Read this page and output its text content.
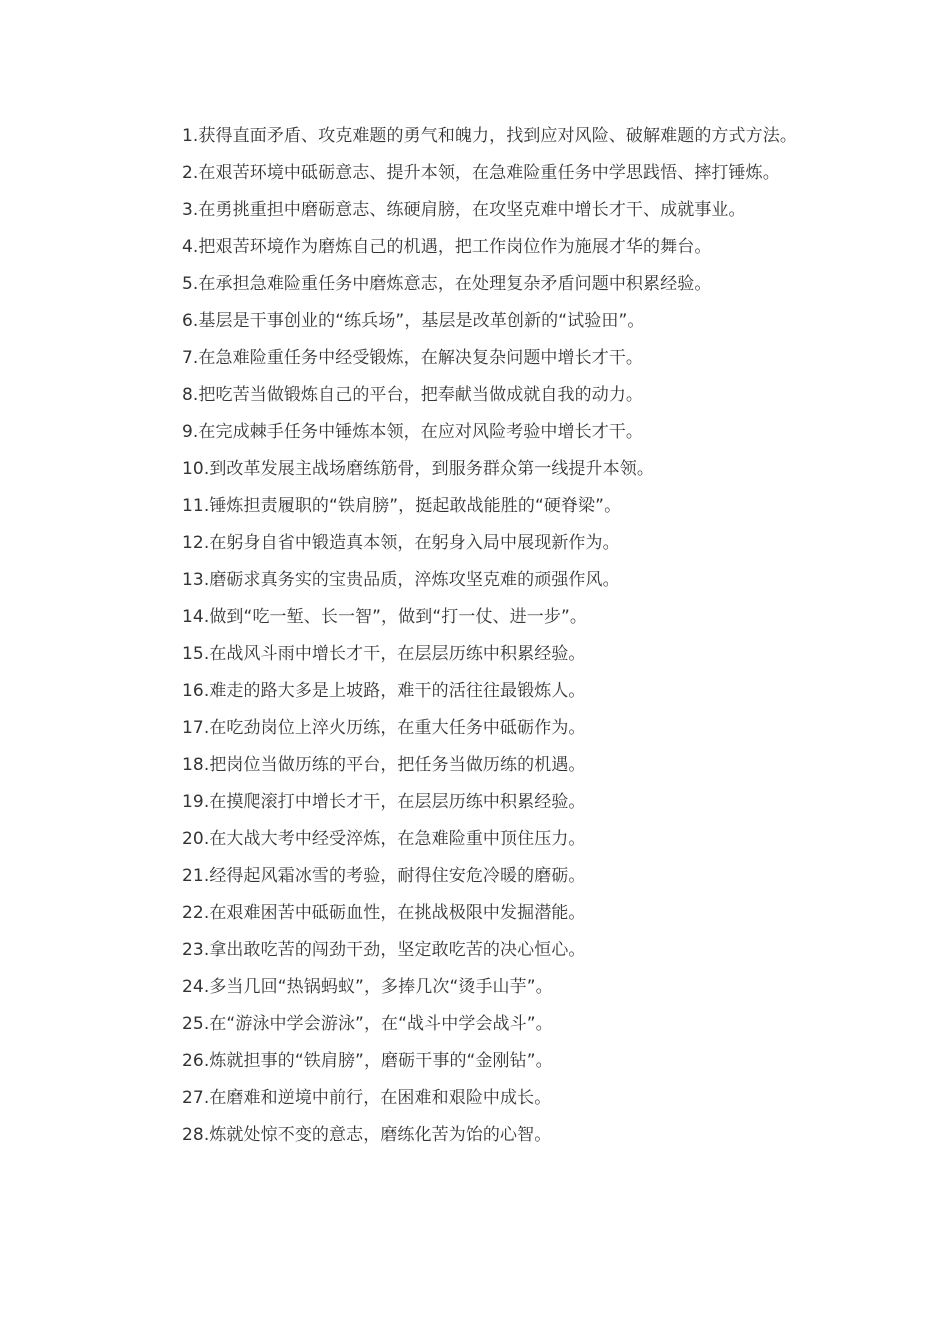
1.获得直面矛盾、攻克难题的勇气和魄力，找到应对风险、破解难题的方式方法。

2.在艰苦环境中砥砺意志、提升本领，在急难险重任务中学思践悟、摔打锤炼。

3.在勇挑重担中磨砺意志、练硬肩膀，在攻坚克难中增长才干、成就事业。

4.把艰苦环境作为磨炼自己的机遇，把工作岗位作为施展才华的舞台。

5.在承担急难险重任务中磨炼意志，在处理复杂矛盾问题中积累经验。

6.基层是干事创业的“练兵场”，基层是改革创新的“试验田”。

7.在急难险重任务中经受锻炼，在解决复杂问题中增长才干。

8.把吃苦当做锻炼自己的平台，把奉献当做成就自我的动力。

9.在完成棘手任务中锤炼本领，在应对风险考验中增长才干。

10.到改革发展主战场磨练筋骨，到服务群众第一线提升本领。

11.锤炼担责履职的“铁肩膀”，挺起敢战能胜的“硬脊梁”。

12.在躬身自省中锻造真本领，在躬身入局中展现新作为。

13.磨砺求真务实的宝贵品质，淬炼攻坚克难的顽强作风。

14.做到“吃一堑、长一智”，做到“打一仗、进一步”。

15.在战风斗雨中增长才干，在层层历练中积累经验。

16.难走的路大多是上坡路，难干的活往往最锻炼人。

17.在吃劲岗位上淬火历练，在重大任务中砥砺作为。

18.把岗位当做历练的平台，把任务当做历练的机遇。

19.在摸爬滚打中增长才干，在层层历练中积累经验。

20.在大战大考中经受淬炼，在急难险重中顶住压力。

21.经得起风霜冰雪的考验，耐得住安危冷暖的磨砺。

22.在艰难困苦中砥砺血性，在挑战极限中发掘潜能。

23.拿出敢吃苦的闯劲干劲，坚定敢吃苦的决心恒心。

24.多当几回“热锅蚂蚁”，多捧几次“烫手山芋”。

25.在“游泳中学会游泳”，在“战斗中学会战斗”。

26.炼就担事的“铁肩膀”，磨砺干事的“金刚钻”。

27.在磨难和逆境中前行，在困难和艰险中成长。

28.炼就处惊不变的意志，磨练化苦为饴的心智。
